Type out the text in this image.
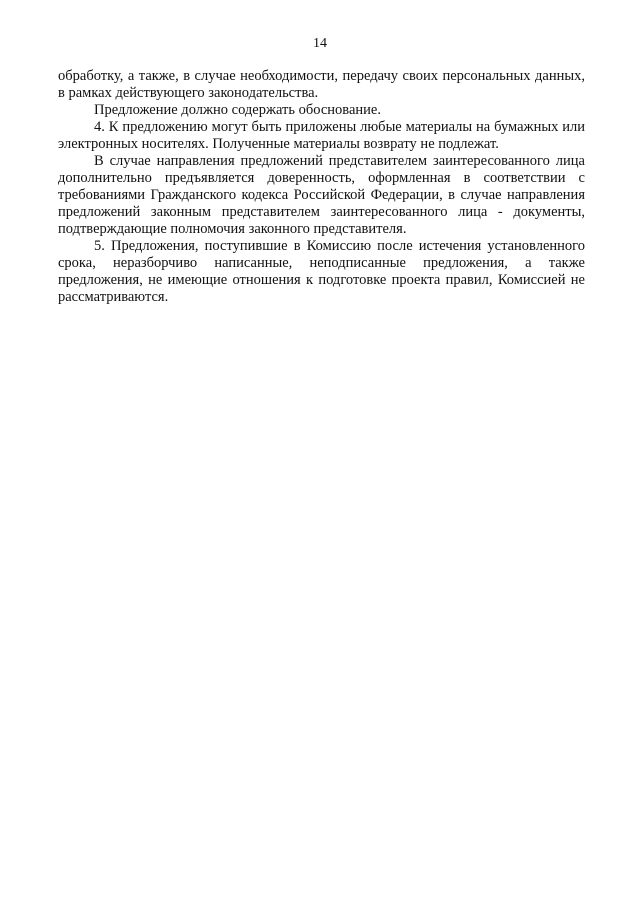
14

обработку, а также, в случае необходимости, передачу своих персональных данных, в рамках действующего законодательства.

Предложение должно содержать обоснование.

4. К предложению могут быть приложены любые материалы на бумажных или электронных носителях. Полученные материалы возврату не подлежат.

В случае направления предложений представителем заинтересованного лица дополнительно предъявляется доверенность, оформленная в соответствии с требованиями Гражданского кодекса Российской Федерации, в случае направления предложений законным представителем заинтересованного лица - документы, подтверждающие полномочия законного представителя.

5. Предложения, поступившие в Комиссию после истечения установленного срока, неразборчиво написанные, неподписанные предложения, а также предложения, не имеющие отношения к подготовке проекта правил, Комиссией не рассматриваются.
